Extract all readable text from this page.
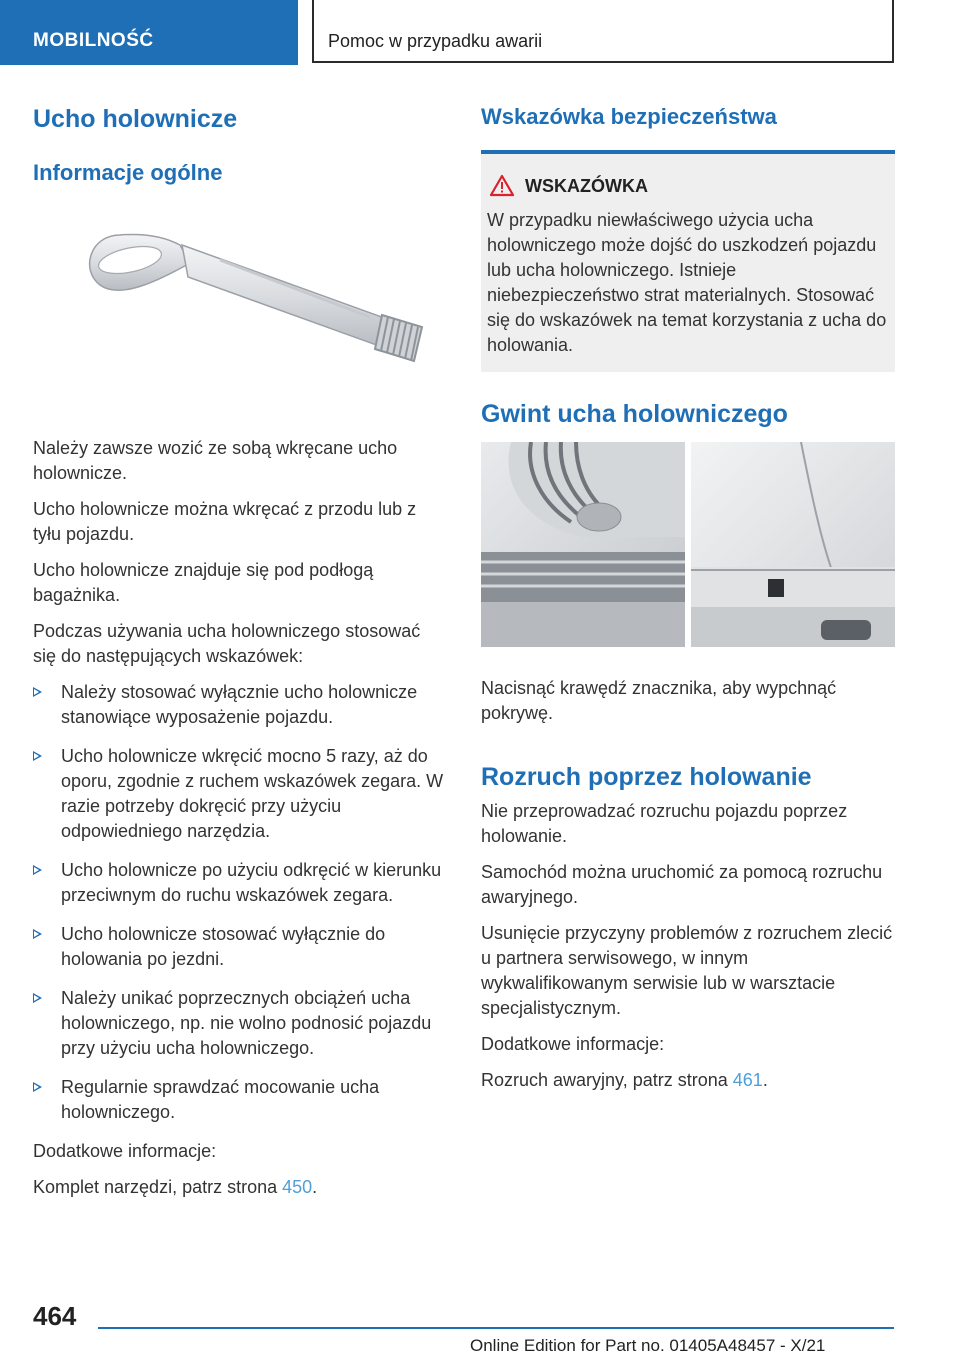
MOBILNOŚĆ	Pomoc w przypadku awarii
Ucho holownicze
Informacje ogólne

Należy zawsze wozić ze sobą wkręcane ucho holownicze.

Ucho holownicze można wkręcać z przodu lub z tyłu pojazdu.

Ucho holownicze znajduje się pod podłogą bagażnika.

Podczas używania ucha holowniczego stosować się do następujących wskazówek:

Należy stosować wyłącznie ucho holownicze stanowiące wyposażenie pojazdu.
Ucho holownicze wkręcić mocno 5 razy, aż do oporu, zgodnie z ruchem wskazówek zegara. W razie potrzeby dokręcić przy użyciu odpowiedniego narzędzia.
Ucho holownicze po użyciu odkręcić w kierunku przeciwnym do ruchu wskazówek zegara.
Ucho holownicze stosować wyłącznie do holowania po jezdni.
Należy unikać poprzecznych obciążeń ucha holowniczego, np. nie wolno podnosić pojazdu przy użyciu ucha holowniczego.
Regularnie sprawdzać mocowanie ucha holowniczego.

Dodatkowe informacje:

Komplet narzędzi, patrz strona 450.

Wskazówka bezpieczeństwa
WSKAZÓWKA
W przypadku niewłaściwego użycia ucha holowniczego może dojść do uszkodzeń pojazdu lub ucha holowniczego. Istnieje niebezpieczeństwo strat materialnych. Stosować się do wskazówek na temat korzystania z ucha do holowania.
Gwint ucha holowniczego

Nacisnąć krawędź znacznika, aby wypchnąć pokrywę.

Rozruch poprzez holowanie

Nie przeprowadzać rozruchu pojazdu poprzez holowanie.

Samochód można uruchomić za pomocą rozruchu awaryjnego.

Usunięcie przyczyny problemów z rozruchem zlecić u partnera serwisowego, w innym wykwalifikowanym serwisie lub w warsztacie specjalistycznym.

Dodatkowe informacje:

Rozruch awaryjny, patrz strona 461.

464
Online Edition for Part no. 01405A48457 - X/21
